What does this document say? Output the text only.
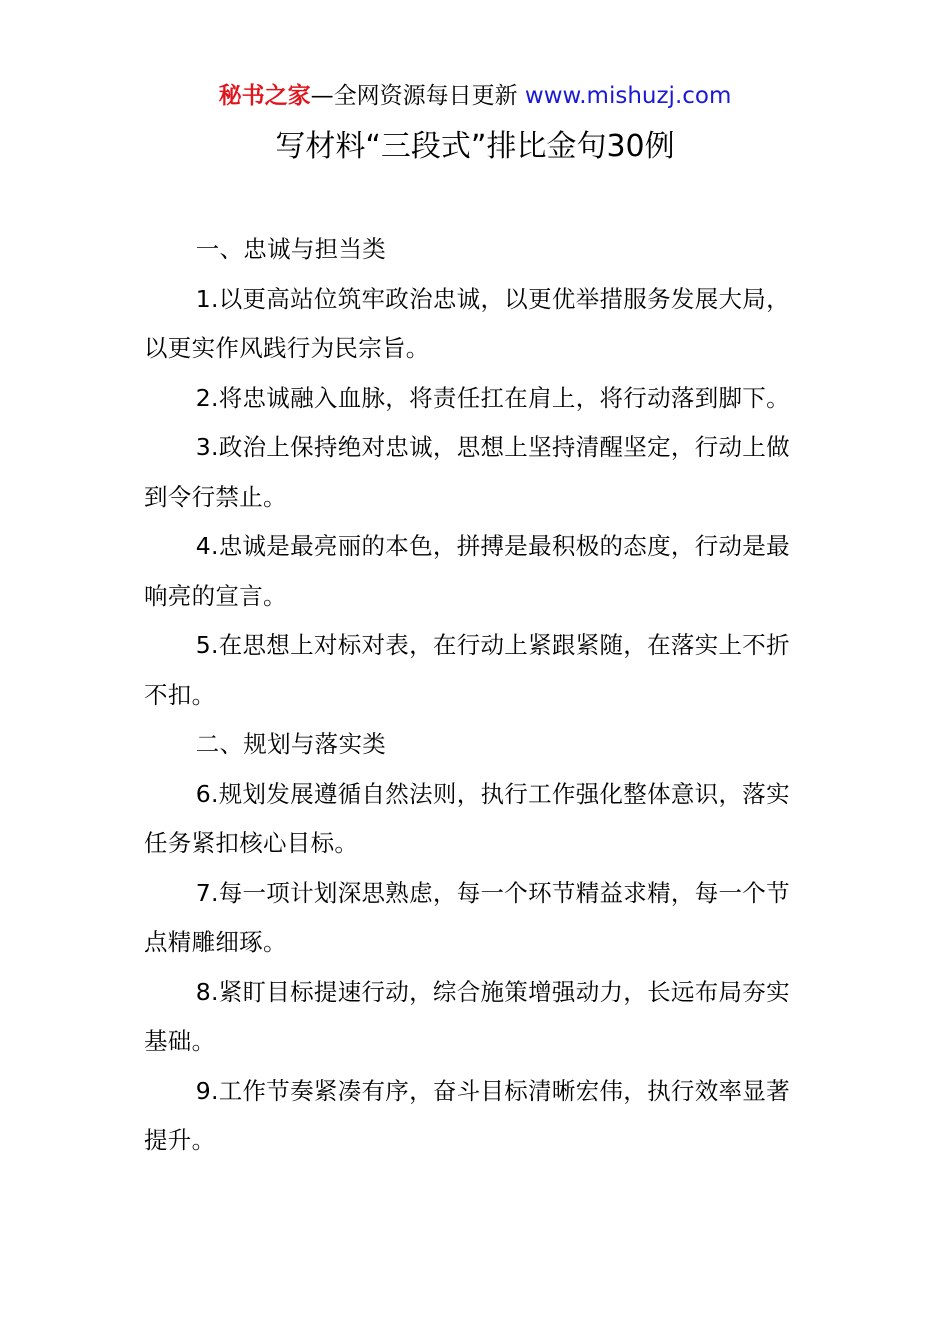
秘书之家—全网资源每日更新 www.mishuzj.com
写材料“三段式”排比金句30例

一、忠诚与担当类

1.以更高站位筑牢政治忠诚，以更优举措服务发展大局，以更实作风践行为民宗旨。

2.将忠诚融入血脉，将责任扛在肩上，将行动落到脚下。

3.政治上保持绝对忠诚，思想上坚持清醒坚定，行动上做到令行禁止。

4.忠诚是最亮丽的本色，拼搏是最积极的态度，行动是最响亮的宣言。

5.在思想上对标对表，在行动上紧跟紧随，在落实上不折不扣。

二、规划与落实类

6.规划发展遵循自然法则，执行工作强化整体意识，落实任务紧扣核心目标。

7.每一项计划深思熟虑，每一个环节精益求精，每一个节点精雕细琢。

8.紧盯目标提速行动，综合施策增强动力，长远布局夯实基础。

9.工作节奏紧凑有序，奋斗目标清晰宏伟，执行效率显著提升。
